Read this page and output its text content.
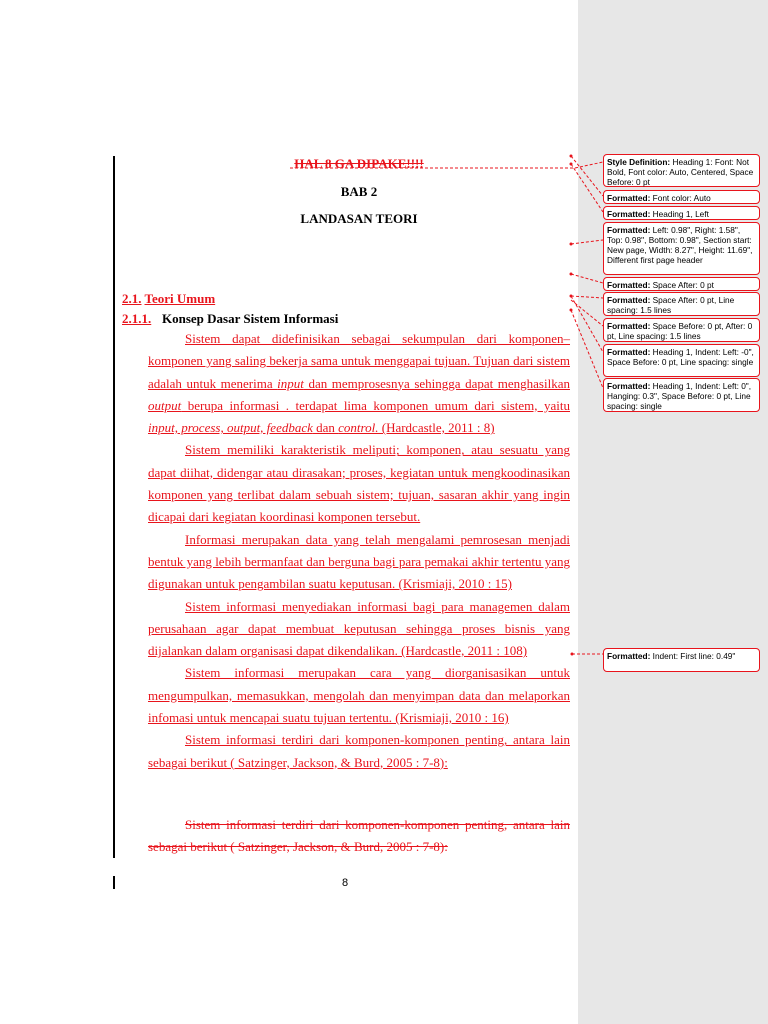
HAL 8 GA DIPAKE!!!!
BAB 2
LANDASAN TEORI
2.1. Teori Umum
2.1.1. Konsep Dasar Sistem Informasi

Sistem dapat didefinisikan sebagai sekumpulan dari komponen–komponen yang saling bekerja sama untuk menggapai tujuan. Tujuan dari sistem adalah untuk menerima input dan memprosesnya sehingga dapat menghasilkan output berupa informasi . terdapat lima komponen umum dari sistem, yaitu input, process, output, feedback dan control. (Hardcastle, 2011 : 8)

Sistem memiliki karakteristik meliputi; komponen, atau sesuatu yang dapat diihat, didengar atau dirasakan; proses, kegiatan untuk mengkoodinasikan komponen yang terlibat dalam sebuah sistem; tujuan, sasaran akhir yang ingin dicapai dari kegiatan koordinasi komponen tersebut.

Informasi merupakan data yang telah mengalami pemrosesan menjadi bentuk yang lebih bermanfaat dan berguna bagi para pemakai akhir tertentu yang digunakan untuk pengambilan suatu keputusan. (Krismiaji, 2010 : 15)

Sistem informasi menyediakan informasi bagi para managemen dalam perusahaan agar dapat membuat keputusan sehingga proses bisnis yang dijalankan dalam organisasi dapat dikendalikan. (Hardcastle, 2011 : 108)

Sistem informasi merupakan cara yang diorganisasikan untuk mengumpulkan, memasukkan, mengolah dan menyimpan data dan melaporkan infomasi untuk mencapai suatu tujuan tertentu. (Krismiaji, 2010 : 16)

Sistem informasi terdiri dari komponen-komponen penting, antara lain sebagai berikut ( Satzinger, Jackson, & Burd, 2005 : 7-8):

Sistem informasi terdiri dari komponen-komponen penting, antara lain sebagai berikut ( Satzinger, Jackson, & Burd, 2005 : 7-8):

8
Style Definition: Heading 1: Font: Not Bold, Font color: Auto, Centered, Space Before: 0 pt
Formatted: Font color: Auto
Formatted: Heading 1, Left
Formatted: Left: 0.98", Right: 1.58", Top: 0.98", Bottom: 0.98", Section start: New page, Width: 8.27", Height: 11.69", Different first page header
Formatted: Space After: 0 pt
Formatted: Space After: 0 pt, Line spacing: 1.5 lines
Formatted: Space Before: 0 pt, After: 0 pt, Line spacing: 1.5 lines
Formatted: Heading 1, Indent: Left: -0", Space Before: 0 pt, Line spacing: single
Formatted: Heading 1, Indent: Left: 0", Hanging: 0.3", Space Before: 0 pt, Line spacing: single
Formatted: Indent: First line: 0.49"
